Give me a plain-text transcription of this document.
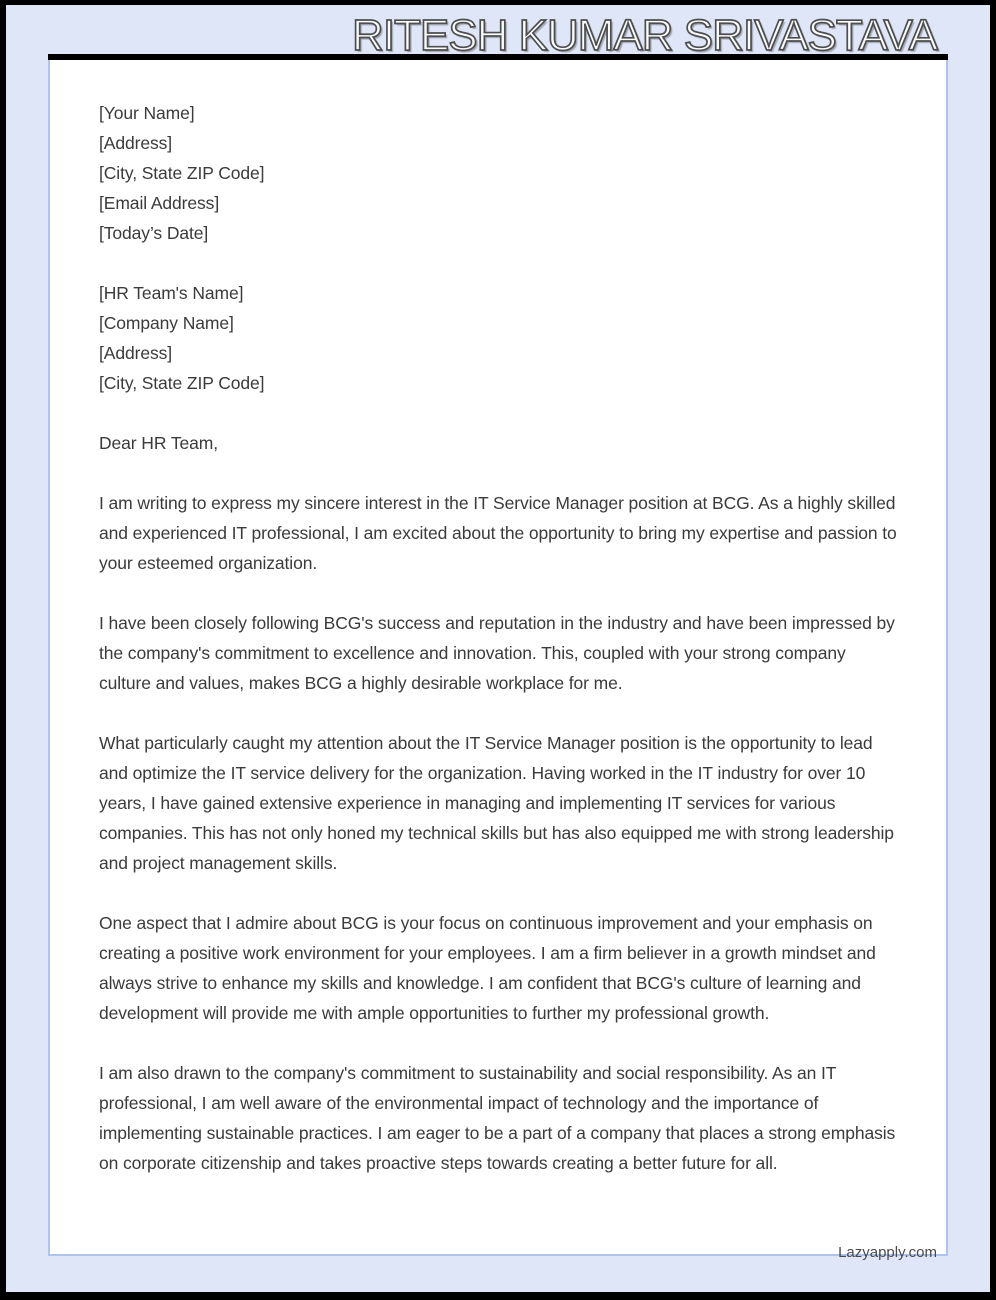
RITESH KUMAR SRIVASTAVA
Lazyapply.com
[Your Name]
[Address]
[City, State ZIP Code]
[Email Address]
[Today’s Date]
[HR Team's Name]
[Company Name]
[Address]
[City, State ZIP Code]
Dear HR Team,

I am writing to express my sincere interest in the IT Service Manager position at BCG. As a highly skilled and experienced IT professional, I am excited about the opportunity to bring my expertise and passion to your esteemed organization.

I have been closely following BCG's success and reputation in the industry and have been impressed by the company's commitment to excellence and innovation. This, coupled with your strong company culture and values, makes BCG a highly desirable workplace for me.

What particularly caught my attention about the IT Service Manager position is the opportunity to lead and optimize the IT service delivery for the organization. Having worked in the IT industry for over 10 years, I have gained extensive experience in managing and implementing IT services for various companies. This has not only honed my technical skills but has also equipped me with strong leadership and project management skills.

One aspect that I admire about BCG is your focus on continuous improvement and your emphasis on creating a positive work environment for your employees. I am a firm believer in a growth mindset and always strive to enhance my skills and knowledge. I am confident that BCG's culture of learning and development will provide me with ample opportunities to further my professional growth.

I am also drawn to the company's commitment to sustainability and social responsibility. As an IT professional, I am well aware of the environmental impact of technology and the importance of implementing sustainable practices. I am eager to be a part of a company that places a strong emphasis on corporate citizenship and takes proactive steps towards creating a better future for all.
